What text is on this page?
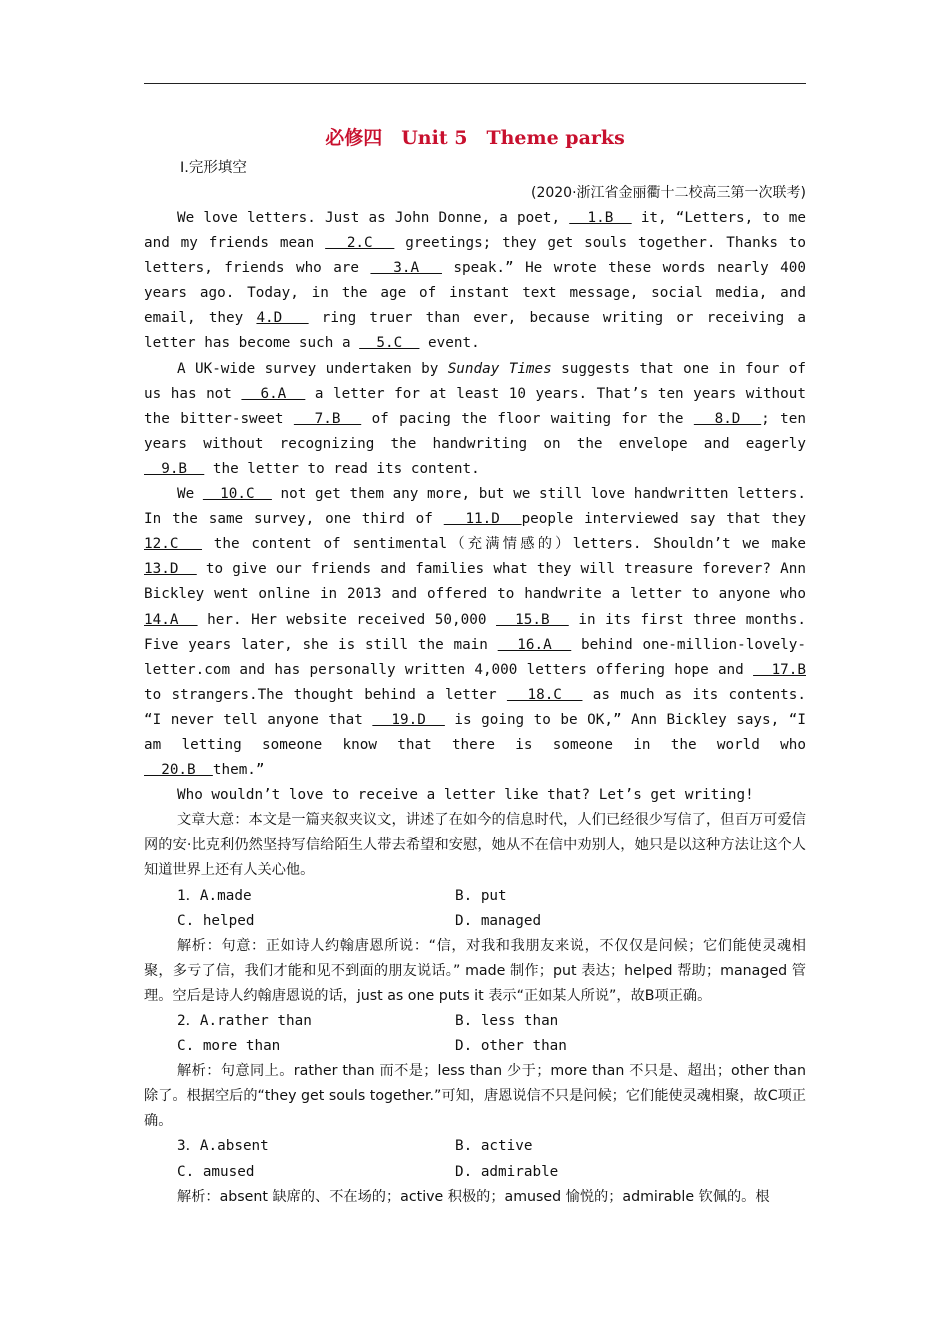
必修四　Unit 5　Theme parks
Ⅰ.完形填空
(2020·浙江省金丽衢十二校高三第一次联考)

We love letters. Just as John Donne, a poet,   1.B   it, “Letters, to me and my friends mean   2.C   greetings; they get souls together. Thanks to letters, friends who are   3.A   speak.” He wrote these words nearly 400 years ago. Today, in the age of instant text message, social media, and email, they 4.D   ring truer than ever, because writing or receiving a letter has become such a   5.C   event.

A UK-wide survey undertaken by Sunday Times suggests that one in four of us has not   6.A   a letter for at least 10 years. That’s ten years without the bitter-sweet   7.B   of pacing the floor waiting for the   8.D  ; ten years without recognizing the handwriting on the envelope and eagerly   9.B   the letter to read its content.

We   10.C   not get them any more, but we still love handwritten letters. In the same survey, one third of   11.D  people interviewed say that they 12.C   the content of sentimental（充满情感的）letters. Shouldn’t we make 13.D   to give our friends and families what they will treasure forever? Ann Bickley went online in 2013 and offered to handwrite a letter to anyone who 14.A   her. Her website received 50,000   15.B   in its first three months. Five years later, she is still the main   16.A   behind one-million-lovely-letter.com and has personally written 4,000 letters offering hope and   17.B to strangers.The thought behind a letter   18.C   as much as its contents. “I never tell anyone that   19.D   is going to be OK,” Ann Bickley says, “I am letting someone know that there is someone in the world who   20.B  them.”

Who wouldn’t love to receive a letter like that? Let’s get writing!

文章大意：本文是一篇夹叙夹议文，讲述了在如今的信息时代，人们已经很少写信了，但百万可爱信网的安·比克利仍然坚持写信给陌生人带去希望和安慰，她从不在信中劝别人，她只是以这种方法让这个人知道世界上还有人关心他。

1．A.made	B. put
C. helped	D. managed

解析：句意：正如诗人约翰唐恩所说：“信，对我和我朋友来说，不仅仅是问候；它们能使灵魂相聚，多亏了信，我们才能和见不到面的朋友说话。” made 制作；put 表达；helped 帮助；managed 管理。空后是诗人约翰唐恩说的话，just as one puts it 表示“正如某人所说”，故B项正确。

2．A.rather than	B. less than
C. more than	D. other than

解析：句意同上。rather than 而不是；less than 少于；more than 不只是、超出；other than 除了。根据空后的“they get souls together.”可知，唐恩说信不只是问候；它们能使灵魂相聚，故C项正确。

3．A.absent	B. active
C. amused	D. admirable

解析：absent 缺席的、不在场的；active 积极的；amused 愉悦的；admirable 钦佩的。根
